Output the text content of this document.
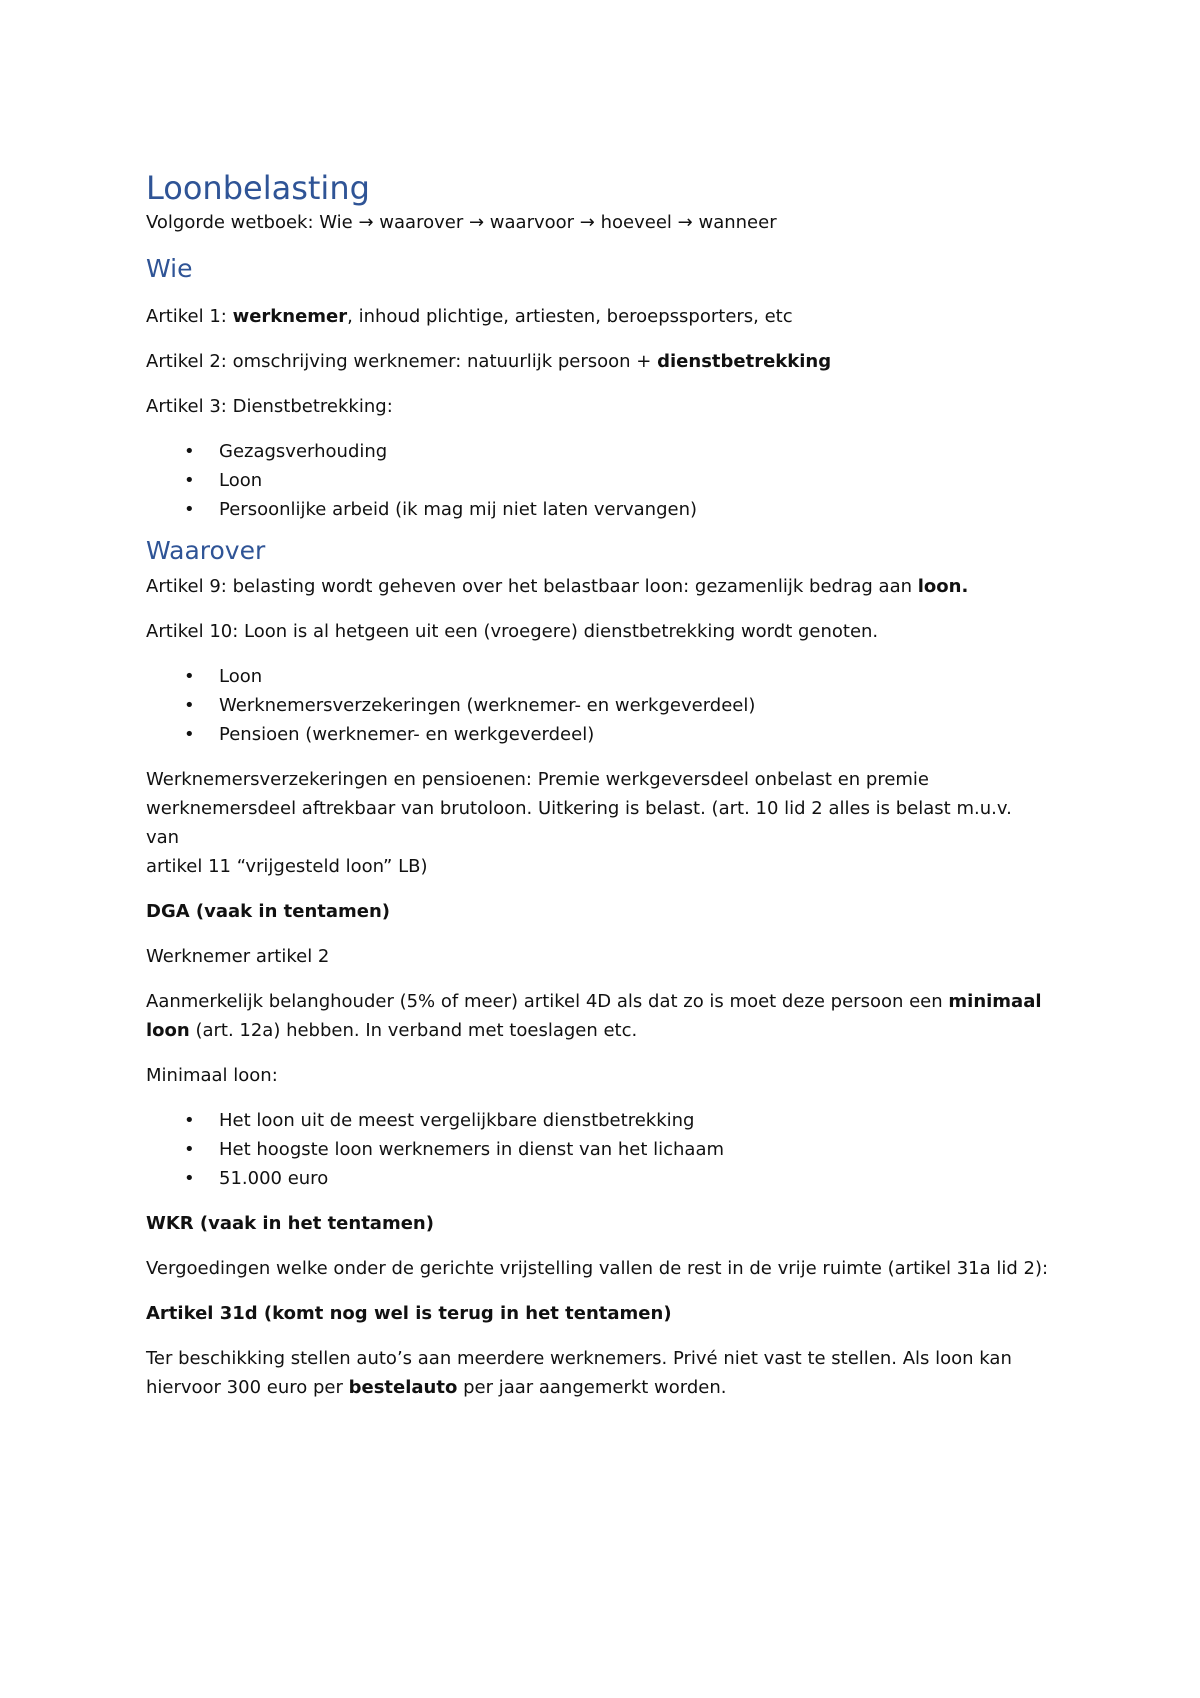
Loonbelasting

Volgorde wetboek: Wie → waarover → waarvoor → hoeveel → wanneer

Wie

Artikel 1: werknemer, inhoud plichtige, artiesten, beroepssporters, etc

Artikel 2: omschrijving werknemer: natuurlijk persoon + dienstbetrekking

Artikel 3: Dienstbetrekking:

• Gezagsverhouding
• Loon
• Persoonlijke arbeid (ik mag mij niet laten vervangen)
Waarover

Artikel 9: belasting wordt geheven over het belastbaar loon: gezamenlijk bedrag aan loon.

Artikel 10: Loon is al hetgeen uit een (vroegere) dienstbetrekking wordt genoten.

• Loon
• Werknemersverzekeringen (werknemer- en werkgeverdeel)
• Pensioen (werknemer- en werkgeverdeel)

Werknemersverzekeringen en pensioenen: Premie werkgeversdeel onbelast en premie
werknemersdeel aftrekbaar van brutoloon. Uitkering is belast. (art. 10 lid 2 alles is belast m.u.v. van
artikel 11 “vrijgesteld loon” LB)

DGA (vaak in tentamen)

Werknemer artikel 2

Aanmerkelijk belanghouder (5% of meer) artikel 4D als dat zo is moet deze persoon een minimaal
loon (art. 12a) hebben. In verband met toeslagen etc.

Minimaal loon:

• Het loon uit de meest vergelijkbare dienstbetrekking
• Het hoogste loon werknemers in dienst van het lichaam
• 51.000 euro

WKR (vaak in het tentamen)

Vergoedingen welke onder de gerichte vrijstelling vallen de rest in de vrije ruimte (artikel 31a lid 2):

Artikel 31d (komt nog wel is terug in het tentamen)

Ter beschikking stellen auto’s aan meerdere werknemers. Privé niet vast te stellen. Als loon kan
hiervoor 300 euro per bestelauto per jaar aangemerkt worden.
